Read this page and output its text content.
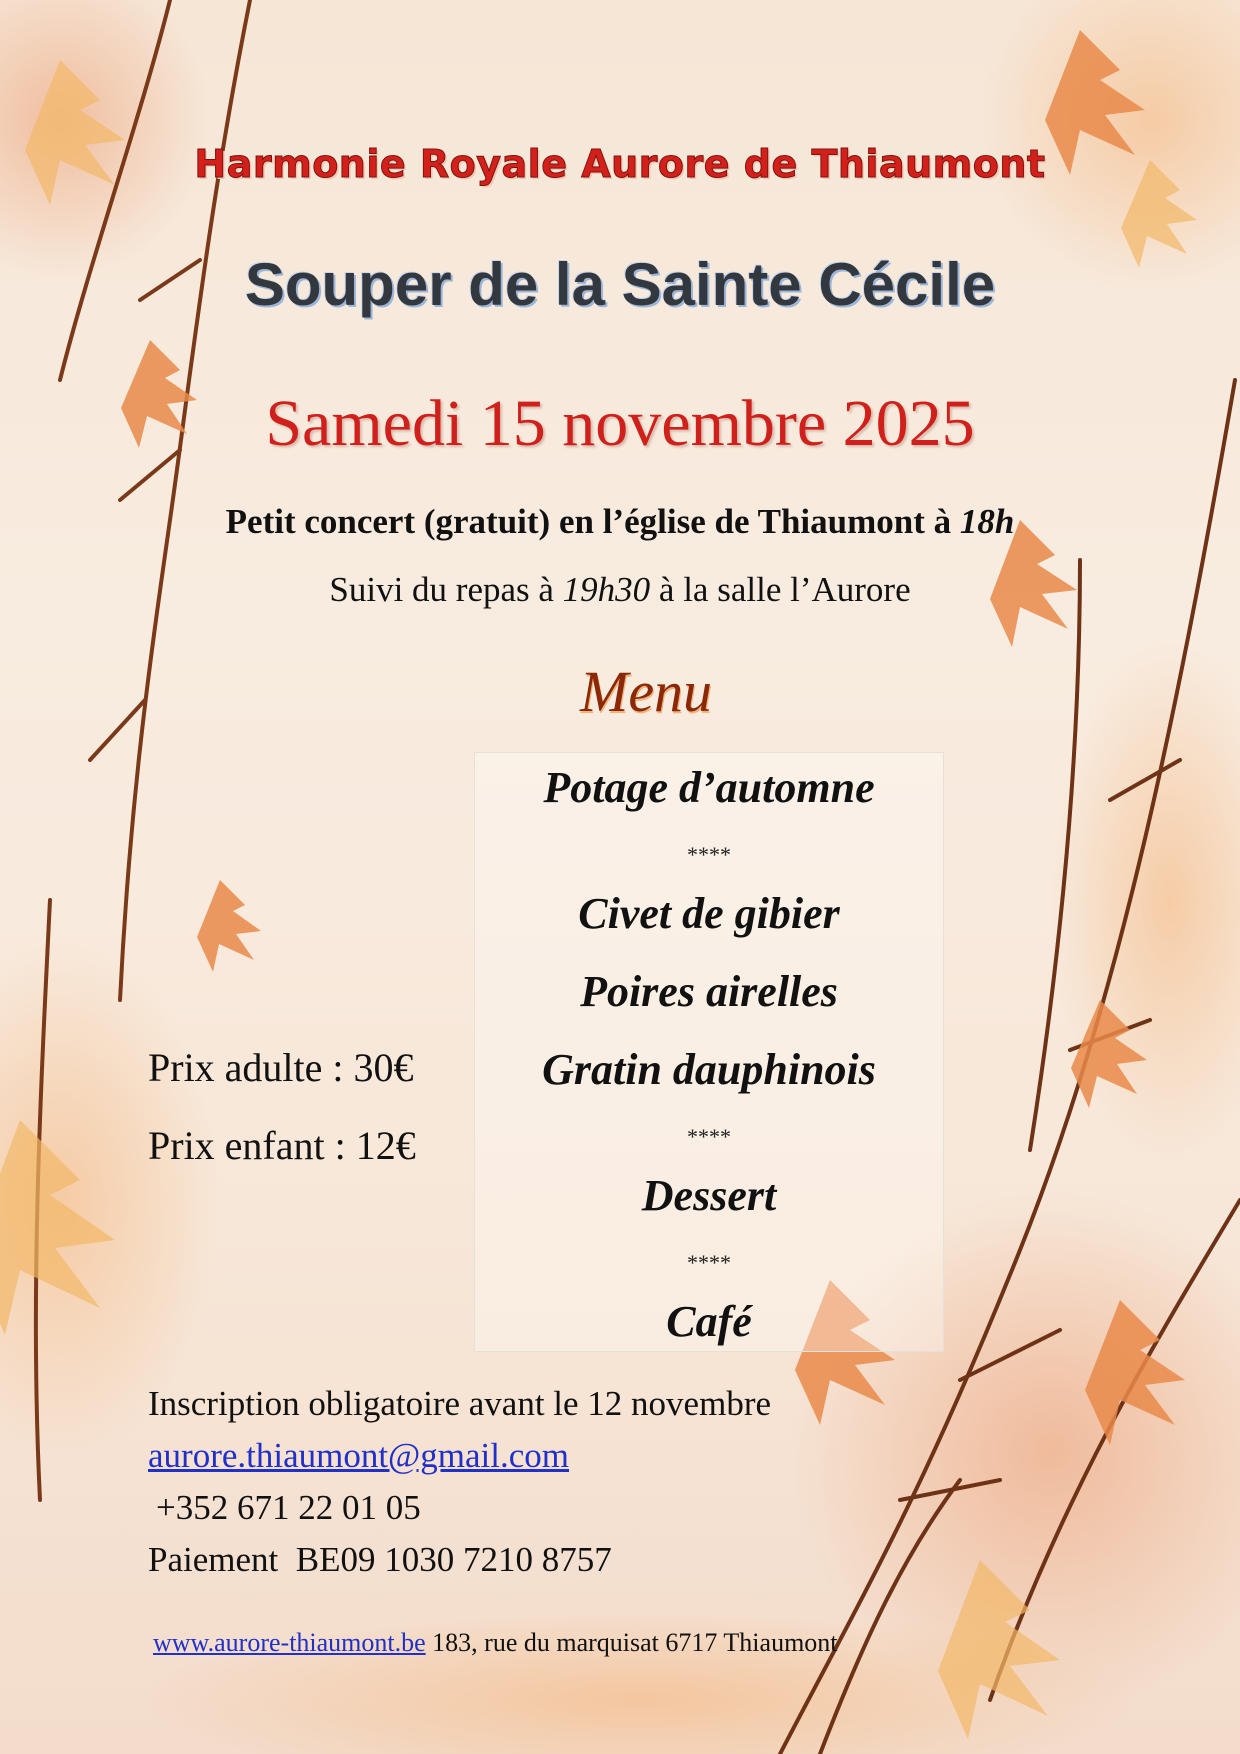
Harmonie Royale Aurore de Thiaumont
Souper de la Sainte Cécile
Samedi 15 novembre 2025
Petit concert (gratuit) en l’église de Thiaumont à 18h
Suivi du repas à 19h30 à la salle l’Aurore
Menu
Potage d’automne
****
Civet de gibier
Poires airelles
Gratin dauphinois
****
Dessert
****
Café
Prix adulte : 30€
Prix enfant : 12€
Inscription obligatoire avant le 12 novembre
aurore.thiaumont@gmail.com
+352 671 22 01 05
Paiement  BE09 1030 7210 8757
www.aurore-thiaumont.be 183, rue du marquisat 6717 Thiaumont
